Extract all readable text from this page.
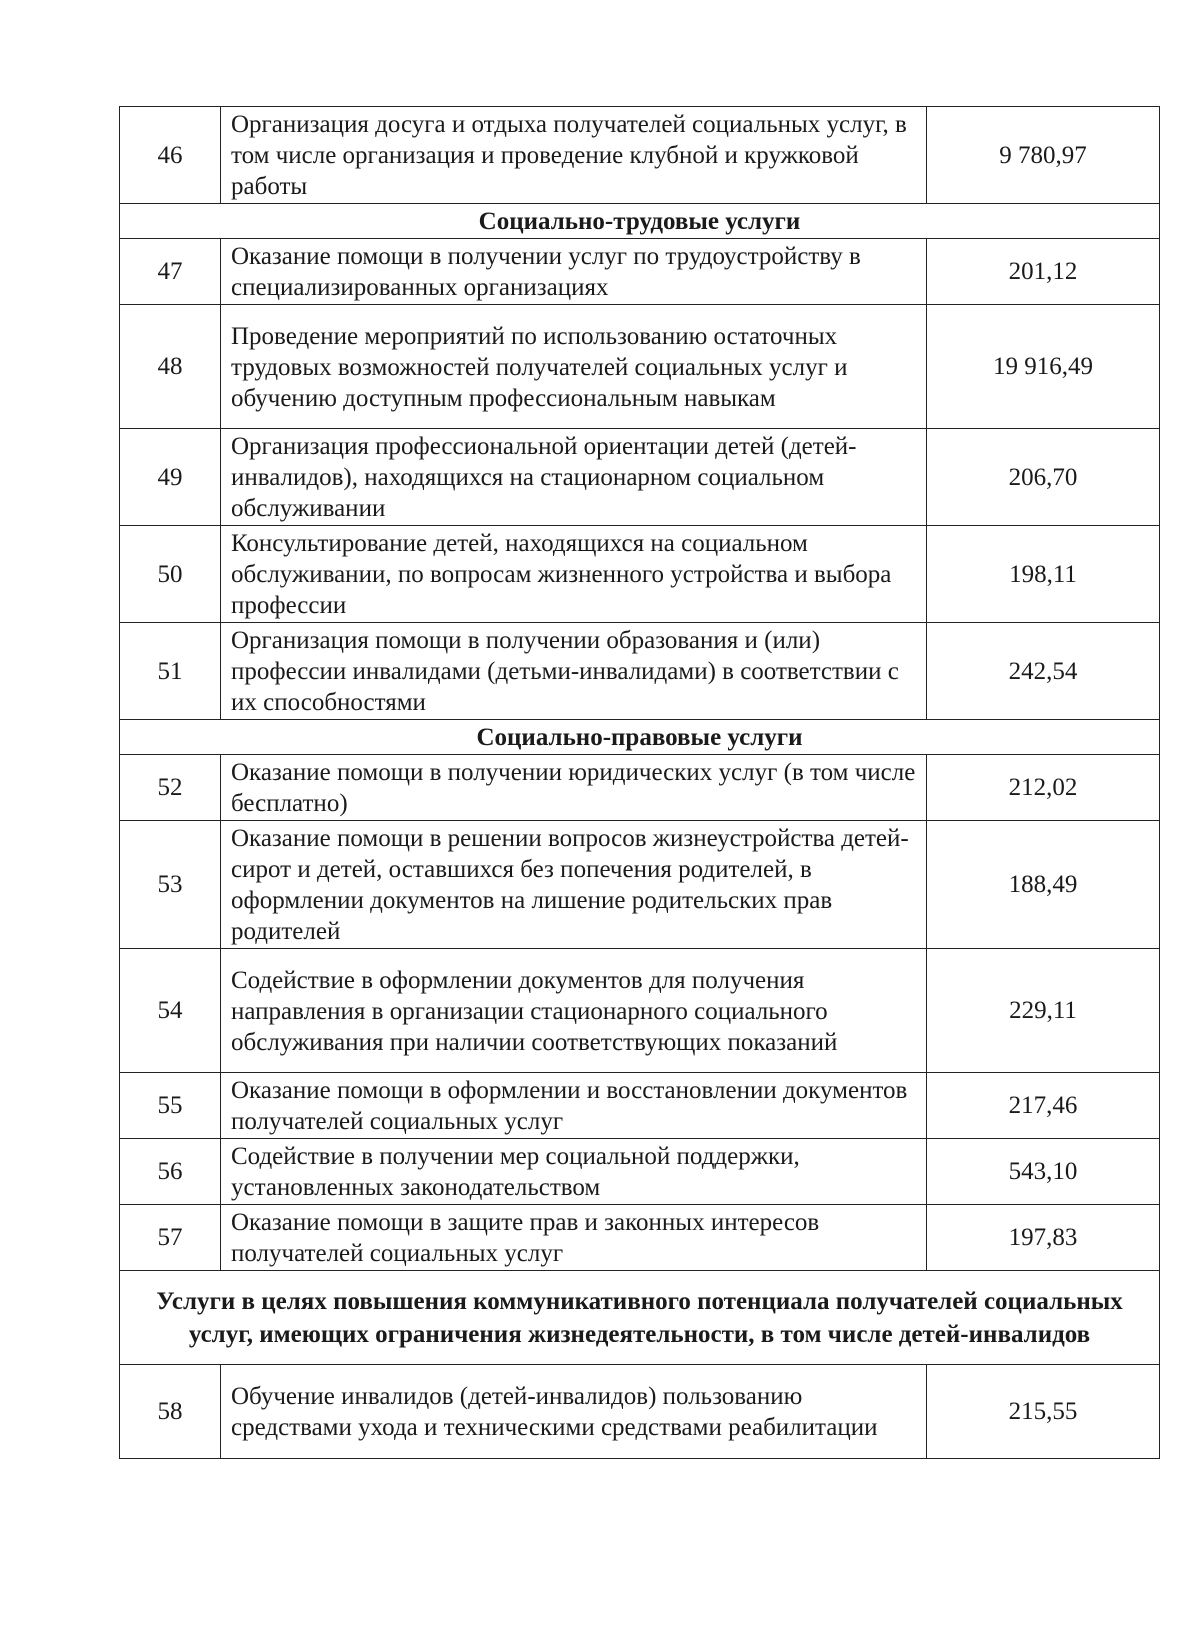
46	Организация досуга и отдыха получателей социальных услуг, в том числе организация и проведение клубной и кружковой работы	9 780,97
Социально-трудовые услуги		
47	Оказание помощи в получении услуг по трудоустройству в специализированных организациях	201,12
48	Проведение мероприятий по использованию остаточных трудовых возможностей получателей социальных услуг и обучению доступным профессиональным навыкам	19 916,49
49	Организация профессиональной ориентации детей (детей-инвалидов), находящихся на стационарном социальном обслуживании	206,70
50	Консультирование детей, находящихся на социальном обслуживании, по вопросам жизненного устройства и выбора профессии	198,11
51	Организация помощи в получении образования и (или) профессии инвалидами (детьми-инвалидами) в соответствии с их способностями	242,54
Социально-правовые услуги		
52	Оказание помощи в получении юридических услуг (в том числе бесплатно)	212,02
53	Оказание помощи в решении вопросов жизнеустройства детей-сирот и детей, оставшихся без попечения родителей, в оформлении документов на лишение родительских прав родителей	188,49
54	Содействие в оформлении документов для получения направления в организации стационарного социального обслуживания при наличии соответствующих показаний	229,11
55	Оказание помощи в оформлении и восстановлении документов получателей социальных услуг	217,46
56	Содействие в получении мер социальной поддержки, установленных законодательством	543,10
57	Оказание помощи в защите прав и законных интересов получателей социальных услуг	197,83
Услуги в целях повышения коммуникативного потенциала получателей социальных услуг, имеющих ограничения жизнедеятельности, в том числе детей-инвалидов		
58	Обучение инвалидов (детей-инвалидов) пользованию средствами ухода и техническими средствами реабилитации	215,55
